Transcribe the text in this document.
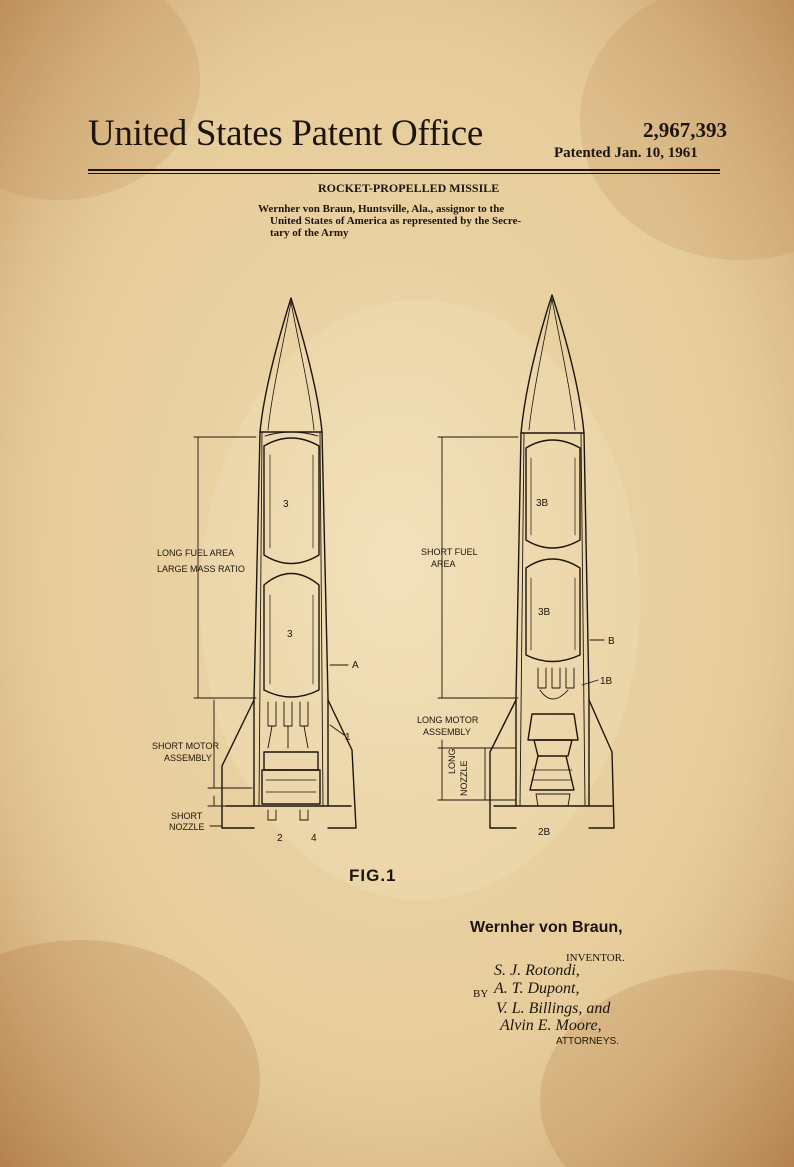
United States Patent Office	2,967,393
Patented Jan. 10, 1961
ROCKET-PROPELLED MISSILE
Wernher von Braun, Huntsville, Ala., assignor to the
United States of America as represented by the Secre-
tary of the Army
LONG FUEL AREA
LARGE MASS RATIO
SHORT MOTOR
ASSEMBLY
SHORT
NOZZLE
3
3
A
1
2	4
SHORT FUEL
AREA
LONG MOTOR
ASSEMBLY
LONG NOZZLE
3B
3B
B
1B
2B
FIG.1
Wernher von Braun,
INVENTOR.
S. J. Rotondi,
BY A. T. Dupont,
V. L. Billings, and
Alvin E. Moore,
ATTORNEYS.
